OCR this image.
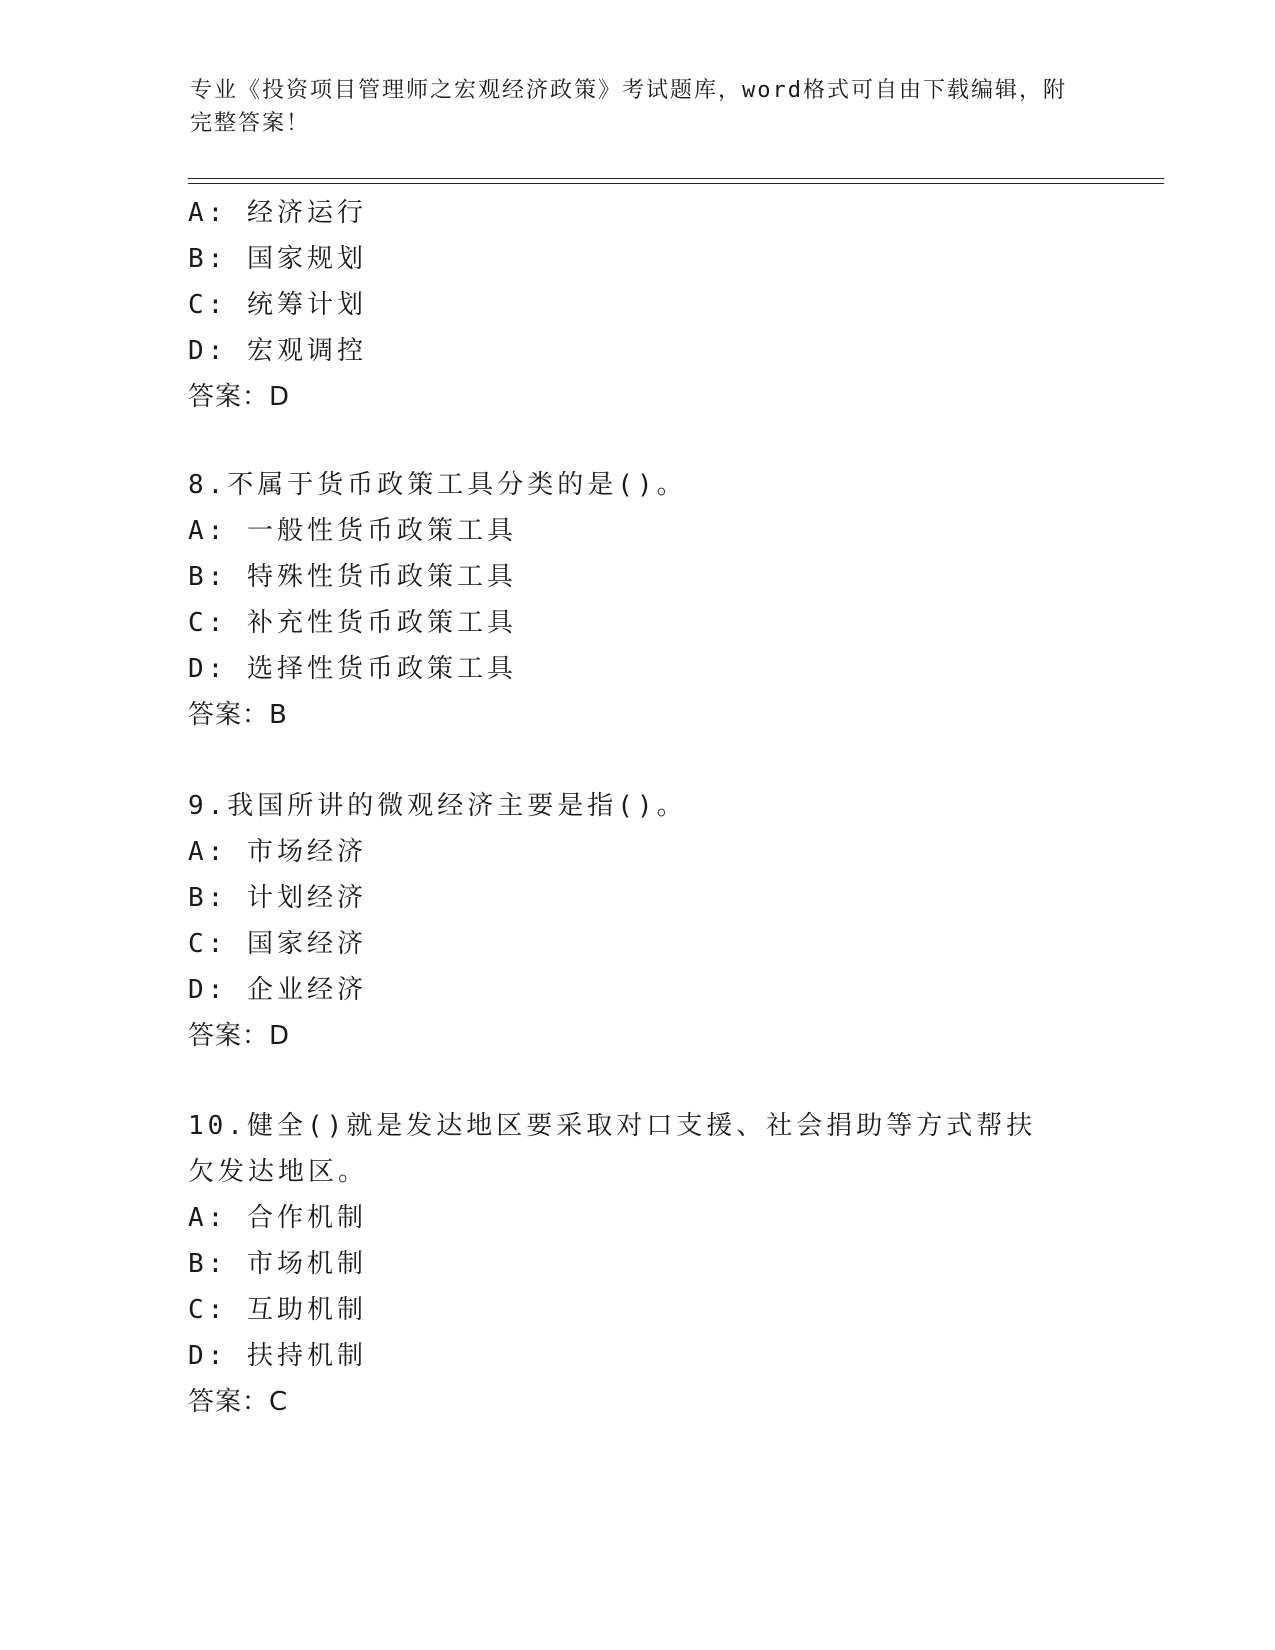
专业《投资项目管理师之宏观经济政策》考试题库，word格式可自由下载编辑，附完整答案！
A: 经济运行
B: 国家规划
C: 统筹计划
D: 宏观调控
答案：D
8.不属于货币政策工具分类的是()。
A: 一般性货币政策工具
B: 特殊性货币政策工具
C: 补充性货币政策工具
D: 选择性货币政策工具
答案：B
9.我国所讲的微观经济主要是指()。
A: 市场经济
B: 计划经济
C: 国家经济
D: 企业经济
答案：D
10.健全()就是发达地区要采取对口支援、社会捐助等方式帮扶欠发达地区。
A: 合作机制
B: 市场机制
C: 互助机制
D: 扶持机制
答案：C
